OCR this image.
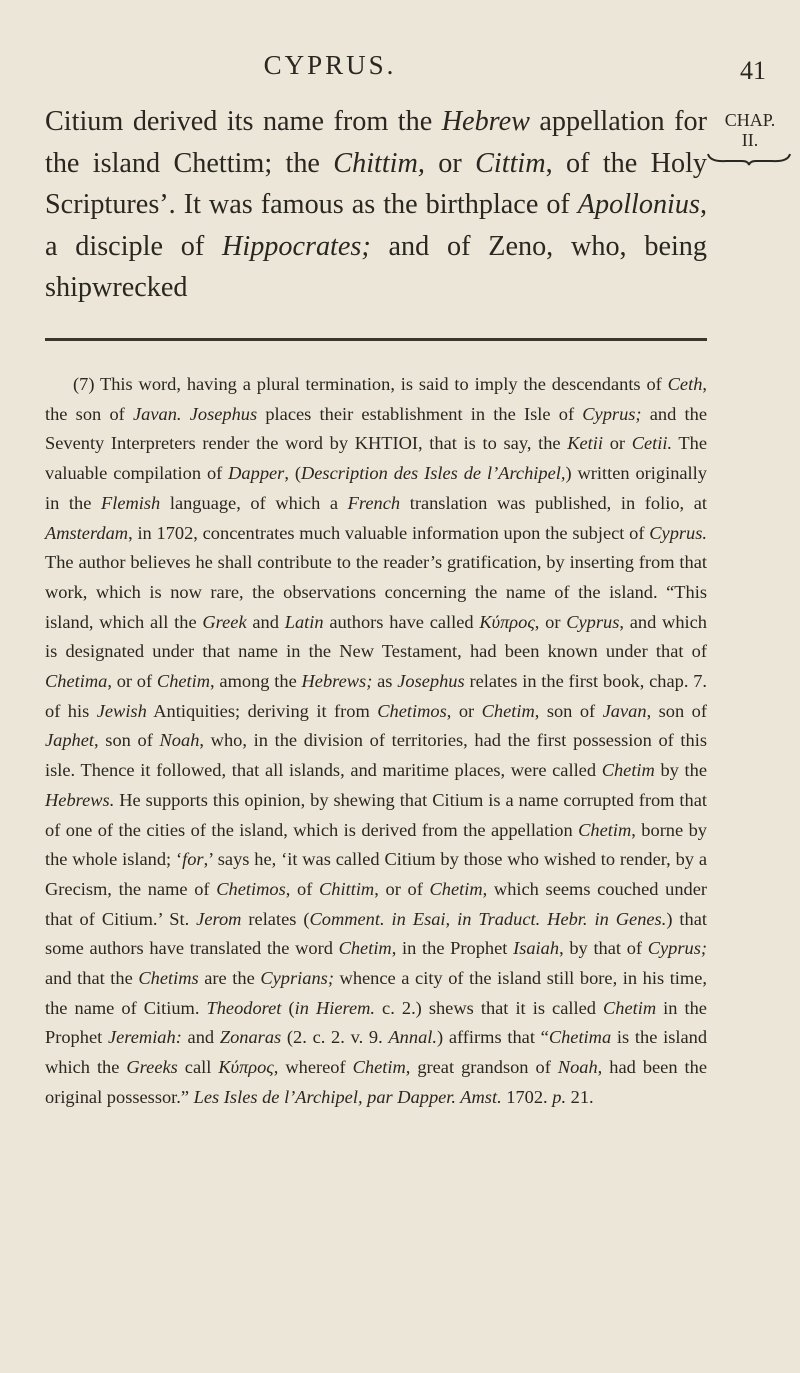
CYPRUS.	41
CHAP.
II.
Citium derived its name from the Hebrew appellation for the island Chettim; the Chittim, or Cittim, of the Holy Scriptures’. It was famous as the birthplace of Apollonius, a disciple of Hippocrates; and of Zeno, who, being shipwrecked

(7) This word, having a plural termination, is said to imply the descendants of Ceth, the son of Javan. Josephus places their establishment in the Isle of Cyprus; and the Seventy Interpreters render the word by ΚΗΤΙΟΙ, that is to say, the Ketii or Cetii. The valuable compilation of Dapper, (Description des Isles de l’Archipel,) written originally in the Flemish language, of which a French translation was published, in folio, at Amsterdam, in 1702, concentrates much valuable information upon the subject of Cyprus. The author believes he shall contribute to the reader’s gratification, by inserting from that work, which is now rare, the observations concerning the name of the island. “This island, which all the Greek and Latin authors have called Κύπρος, or Cyprus, and which is designated under that name in the New Testament, had been known under that of Chetima, or of Chetim, among the Hebrews; as Josephus relates in the first book, chap. 7. of his Jewish Antiquities; deriving it from Chetimos, or Chetim, son of Javan, son of Japhet, son of Noah, who, in the division of territories, had the first possession of this isle. Thence it followed, that all islands, and maritime places, were called Chetim by the Hebrews. He supports this opinion, by shewing that Citium is a name corrupted from that of one of the cities of the island, which is derived from the appellation Chetim, borne by the whole island; ‘for,’ says he, ‘it was called Citium by those who wished to render, by a Grecism, the name of Chetimos, of Chittim, or of Chetim, which seems couched under that of Citium.’ St. Jerom relates (Comment. in Esai, in Traduct. Hebr. in Genes.) that some authors have translated the word Chetim, in the Prophet Isaiah, by that of Cyprus; and that the Chetims are the Cyprians; whence a city of the island still bore, in his time, the name of Citium. Theodoret (in Hierem. c. 2.) shews that it is called Chetim in the Prophet Jeremiah: and Zonaras (2. c. 2. v. 9. Annal.) affirms that “Chetima is the island which the Greeks call Κύπρος, whereof Chetim, great grandson of Noah, had been the original possessor.” Les Isles de l’Archipel, par Dapper. Amst. 1702. p. 21.
